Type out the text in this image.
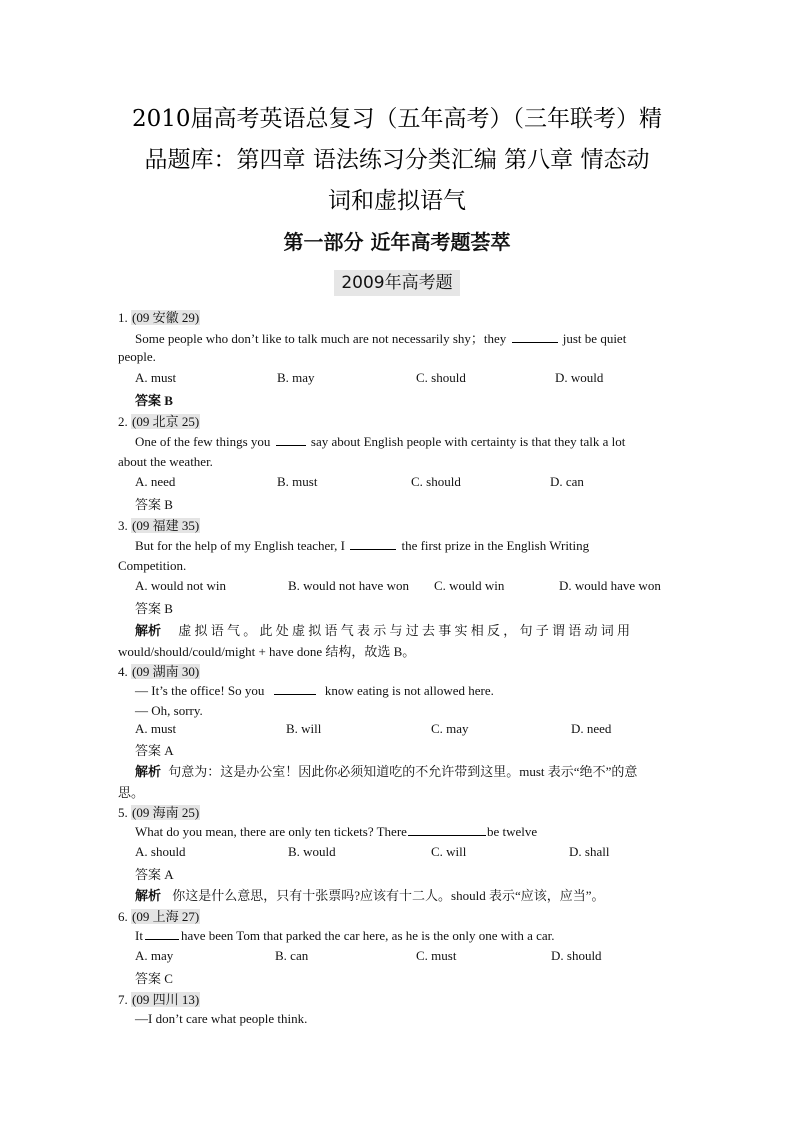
2010届高考英语总复习（五年高考）（三年联考）精
品题库：第四章 语法练习分类汇编 第八章 情态动
词和虚拟语气
第一部分 近年高考题荟萃
2009年高考题
1. (09 安徽 29)
Some people who don’t like to talk much are not necessarily shy；they	just be quiet
people.
A. must	B. may	C. should	D. would
答案 B
2. (09 北京 25)
One of the few things you	say about English people with certainty is that they talk a lot
about the weather.
A. need	B. must	C. should	D. can
答案 B
3. (09 福建 35)
But for the help of my English teacher, I	the first prize in the English Writing
Competition.
A. would not win	B. would not have won C. would win	D. would have won
答案 B
解析 虚 拟 语 气 。 此 处 虚 拟 语 气 表 示 与 过 去 事 实 相 反 ， 句 子 谓 语 动 词 用
would/should/could/might + have done 结构，故选 B。
4. (09 湖南 30)
— It’s the office! So you	know eating is not allowed here.
— Oh, sorry.
A. must	B. will	C. may	D. need
答案 A
解析 句意为：这是办公室！因此你必须知道吃的不允许带到这里。must 表示“绝不”的意
思。
5. (09 海南 25)
What do you mean, there are only ten tickets? There	be twelve
A. should	B. would	C. will	D. shall
答案 A
解析 你这是什么意思，只有十张票吗?应该有十二人。should 表示“应该，应当”。
6. (09 上海 27)
It	have been Tom that parked the car here, as he is the only one with a car.
A. may	B. can	C. must	D. should
答案 C
7. (09 四川 13)
—I don’t care what people think.
